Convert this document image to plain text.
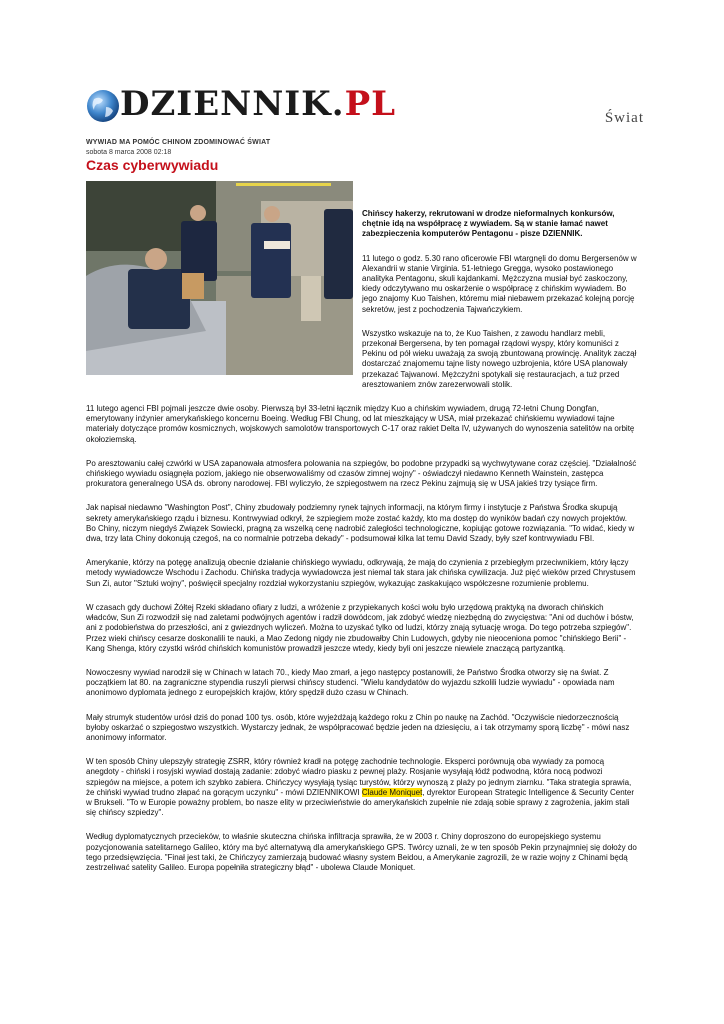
DZIENNIK.PL	Świat
WYWIAD MA POMÓC CHINOM ZDOMINOWAĆ ŚWIAT
sobota 8 marca 2008 02:18
Czas cyberwywiadu

Chińscy hakerzy, rekrutowani w drodze nieformalnych konkursów, chętnie idą na współpracę z wywiadem. Są w stanie łamać nawet zabezpieczenia komputerów Pentagonu - pisze DZIENNIK.

11 lutego o godz. 5.30 rano oficerowie FBI wtargnęli do domu Bergersenów w Alexandrii w stanie Virginia. 51-letniego Gregga, wysoko postawionego analityka Pentagonu, skuli kajdankami. Mężczyzna musiał być zaskoczony, kiedy odczytywano mu oskarżenie o współpracę z chińskim wywiadem. Bo jego znajomy Kuo Taishen, któremu miał niebawem przekazać kolejną porcję sekretów, jest z pochodzenia Tajwańczykiem.

Wszystko wskazuje na to, że Kuo Taishen, z zawodu handlarz mebli, przekonał Bergersena, by ten pomagał rządowi wyspy, który komuniści z Pekinu od pół wieku uważają za swoją zbuntowaną prowincję. Analityk zaczął dostarczać znajomemu tajne listy nowego uzbrojenia, które USA planowały przekazać Tajwanowi. Mężczyźni spotykali się restauracjach, a tuż przed aresztowaniem znów zarezerwowali stolik.

11 lutego agenci FBI pojmali jeszcze dwie osoby. Pierwszą był 33-letni łącznik między Kuo a chińskim wywiadem, drugą 72-letni Chung Dongfan, emerytowany inżynier amerykańskiego koncernu Boeing. Według FBI Chung, od lat mieszkający w USA, miał przekazać chińskiemu wywiadowi tajne materiały dotyczące promów kosmicznych, wojskowych samolotów transportowych C-17 oraz rakiet Delta IV, używanych do wynoszenia satelitów na orbitę okołoziemską.

Po aresztowaniu całej czwórki w USA zapanowała atmosfera polowania na szpiegów, bo podobne przypadki są wychwytywane coraz częściej. "Działalność chińskiego wywiadu osiągnęła poziom, jakiego nie obserwowaliśmy od czasów zimnej wojny" - oświadczył niedawno Kenneth Wainstein, zastępca prokuratora generalnego USA ds. obrony narodowej. FBI wyliczyło, że szpiegostwem na rzecz Pekinu zajmują się w USA jakieś trzy tysiące firm.

Jak napisał niedawno "Washington Post", Chiny zbudowały podziemny rynek tajnych informacji, na którym firmy i instytucje z Państwa Środka skupują sekrety amerykańskiego rządu i biznesu. Kontrwywiad odkrył, że szpiegiem może zostać każdy, kto ma dostęp do wyników badań czy nowych projektów. Bo Chiny, niczym niegdyś Związek Sowiecki, pragną za wszelką cenę nadrobić zaległości technologiczne, kopiując gotowe rozwiązania. "To widać, kiedy w dwa, trzy lata Chiny dokonują czegoś, na co normalnie potrzeba dekady" - podsumował kilka lat temu David Szady, były szef kontrwywiadu FBI.

Amerykanie, którzy na potęgę analizują obecnie działanie chińskiego wywiadu, odkrywają, że mają do czynienia z przebiegłym przeciwnikiem, który łączy metody wywiadowcze Wschodu i Zachodu. Chińska tradycja wywiadowcza jest niemal tak stara jak chińska cywilizacja. Już pięć wieków przed Chrystusem Sun Zi, autor "Sztuki wojny", poświęcił specjalny rozdział wykorzystaniu szpiegów, wykazując zaskakująco współczesne rozumienie problemu.

W czasach gdy duchowi Żółtej Rzeki składano ofiary z ludzi, a wróżenie z przypiekanych kości wołu było urzędową praktyką na dworach chińskich władców, Sun Zi rozwodził się nad zaletami podwójnych agentów i radził dowódcom, jak zdobyć wiedzę niezbędną do zwycięstwa: "Ani od duchów i bóstw, ani z podobieństwa do przeszłości, ani z gwiezdnych wyliczeń. Można to uzyskać tylko od ludzi, którzy znają sytuację wroga. Do tego potrzeba szpiegów". Przez wieki chińscy cesarze doskonalili te nauki, a Mao Zedong nigdy nie zbudowałby Chin Ludowych, gdyby nie nieoceniona pomoc "chińskiego Berii" - Kang Shenga, który czystki wśród chińskich komunistów prowadził jeszcze wtedy, kiedy byli oni jeszcze niewiele znaczącą partyzantką.

Nowoczesny wywiad narodził się w Chinach w latach 70., kiedy Mao zmarł, a jego następcy postanowili, że Państwo Środka otworzy się na świat. Z początkiem lat 80. na zagraniczne stypendia ruszyli pierwsi chińscy studenci. "Wielu kandydatów do wyjazdu szkolili ludzie wywiadu" - opowiada nam anonimowo dyplomata jednego z europejskich krajów, który spędził dużo czasu w Chinach.

Mały strumyk studentów urósł dziś do ponad 100 tys. osób, które wyjeżdżają każdego roku z Chin po naukę na Zachód. "Oczywiście niedorzecznością byłoby oskarżać o szpiegostwo wszystkich. Wystarczy jednak, że współpracować będzie jeden na dziesięciu, a i tak otrzymamy sporą liczbę" - mówi nasz anonimowy informator.

W ten sposób Chiny ulepszyły strategię ZSRR, który również kradł na potęgę zachodnie technologie. Eksperci porównują oba wywiady za pomocą anegdoty - chiński i rosyjski wywiad dostają zadanie: zdobyć wiadro piasku z pewnej plaży. Rosjanie wysyłają łódź podwodną, która nocą podwozi szpiegów na miejsce, a potem ich szybko zabiera. Chińczycy wysyłają tysiąc turystów, którzy wynoszą z plaży po jednym ziarnku. "Taka strategia sprawia, że chiński wywiad trudno złapać na gorącym uczynku" - mówi DZIENNIKOWI Claude Moniquet, dyrektor European Strategic Intelligence & Security Center w Brukseli. "To w Europie poważny problem, bo nasze elity w przeciwieństwie do amerykańskich zupełnie nie zdają sobie sprawy z zagrożenia, jakim stali się chińscy szpiedzy".

Według dyplomatycznych przecieków, to właśnie skuteczna chińska infiltracja sprawiła, że w 2003 r. Chiny doproszono do europejskiego systemu pozycjonowania satelitarnego Galileo, który ma być alternatywą dla amerykańskiego GPS. Twórcy uznali, że w ten sposób Pekin przynajmniej się dołoży do tego przedsięwzięcia. "Finał jest taki, że Chińczycy zamierzają budować własny system Beidou, a Amerykanie zagrozili, że w razie wojny z Chinami będą zestrzeliwać satelity Galileo. Europa popełniła strategiczny błąd" - ubolewa Claude Moniquet.
